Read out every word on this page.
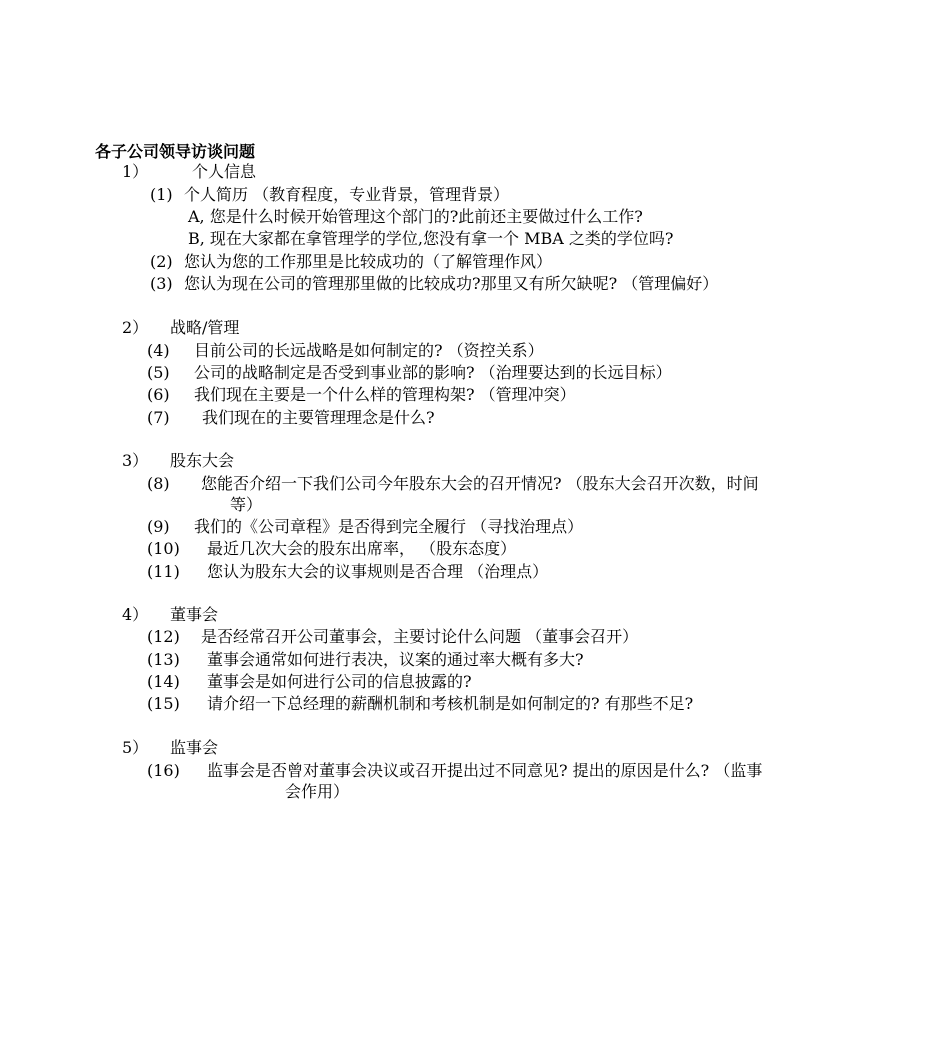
各子公司领导访谈问题
1）	个人信息
(1) 个人简历 （教育程度，专业背景，管理背景）
A, 您是什么时候开始管理这个部门的?此前还主要做过什么工作?
B, 现在大家都在拿管理学的学位,您没有拿一个 MBA 之类的学位吗?
(2) 您认为您的工作那里是比较成功的（了解管理作风）
(3) 您认为现在公司的管理那里做的比较成功?那里又有所欠缺呢? （管理偏好）
2） 战略/管理
(4) 目前公司的长远战略是如何制定的? （资控关系）
(5) 公司的战略制定是否受到事业部的影响? （治理要达到的长远目标）
(6) 我们现在主要是一个什么样的管理构架? （管理冲突）
(7) 我们现在的主要管理理念是什么?
3） 股东大会
(8) 您能否介绍一下我们公司今年股东大会的召开情况? （股东大会召开次数，时间
等）
(9) 我们的《公司章程》是否得到完全履行 （寻找治理点）
(10) 最近几次大会的股东出席率， （股东态度）
(11) 您认为股东大会的议事规则是否合理 （治理点）
4） 董事会
(12) 是否经常召开公司董事会，主要讨论什么问题 （董事会召开）
(13) 董事会通常如何进行表决，议案的通过率大概有多大?
(14) 董事会是如何进行公司的信息披露的?
(15) 请介绍一下总经理的薪酬机制和考核机制是如何制定的? 有那些不足?
5） 监事会
(16) 监事会是否曾对董事会决议或召开提出过不同意见? 提出的原因是什么? （监事
会作用）
